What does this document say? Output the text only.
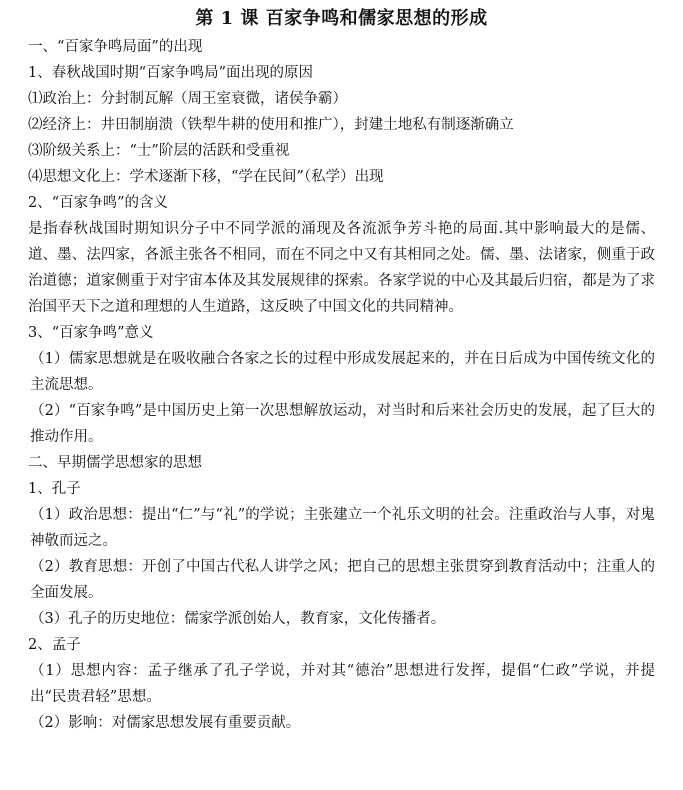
第 1 课 百家争鸣和儒家思想的形成
一、“百家争鸣局面”的出现
1、春秋战国时期“百家争鸣局”面出现的原因
⑴政治上：分封制瓦解（周王室衰微，诸侯争霸）
⑵经济上：井田制崩溃（铁犁牛耕的使用和推广），封建土地私有制逐渐确立
⑶阶级关系上：“士”阶层的活跃和受重视
⑷思想文化上：学术逐渐下移，“学在民间”（私学）出现
2、“百家争鸣”的含义
是指春秋战国时期知识分子中不同学派的涌现及各流派争芳斗艳的局面.其中影响最大的是儒、道、墨、法四家，各派主张各不相同，而在不同之中又有其相同之处。儒、墨、法诸家，侧重于政治道德；道家侧重于对宇宙本体及其发展规律的探索。各家学说的中心及其最后归宿，都是为了求治国平天下之道和理想的人生道路，这反映了中国文化的共同精神。
3、“百家争鸣”意义
（1）儒家思想就是在吸收融合各家之长的过程中形成发展起来的，并在日后成为中国传统文化的主流思想。
（2）“百家争鸣”是中国历史上第一次思想解放运动，对当时和后来社会历史的发展，起了巨大的推动作用。
二、早期儒学思想家的思想
1、孔子
（1）政治思想：提出“仁”与“礼”的学说；主张建立一个礼乐文明的社会。注重政治与人事，对鬼神敬而远之。
（2）教育思想：开创了中国古代私人讲学之风；把自己的思想主张贯穿到教育活动中；注重人的全面发展。
（3）孔子的历史地位：儒家学派创始人，教育家，文化传播者。
2、孟子
（1）思想内容：孟子继承了孔子学说，并对其“德治”思想进行发挥，提倡“仁政”学说，并提出“民贵君轻”思想。
（2）影响：对儒家思想发展有重要贡献。
